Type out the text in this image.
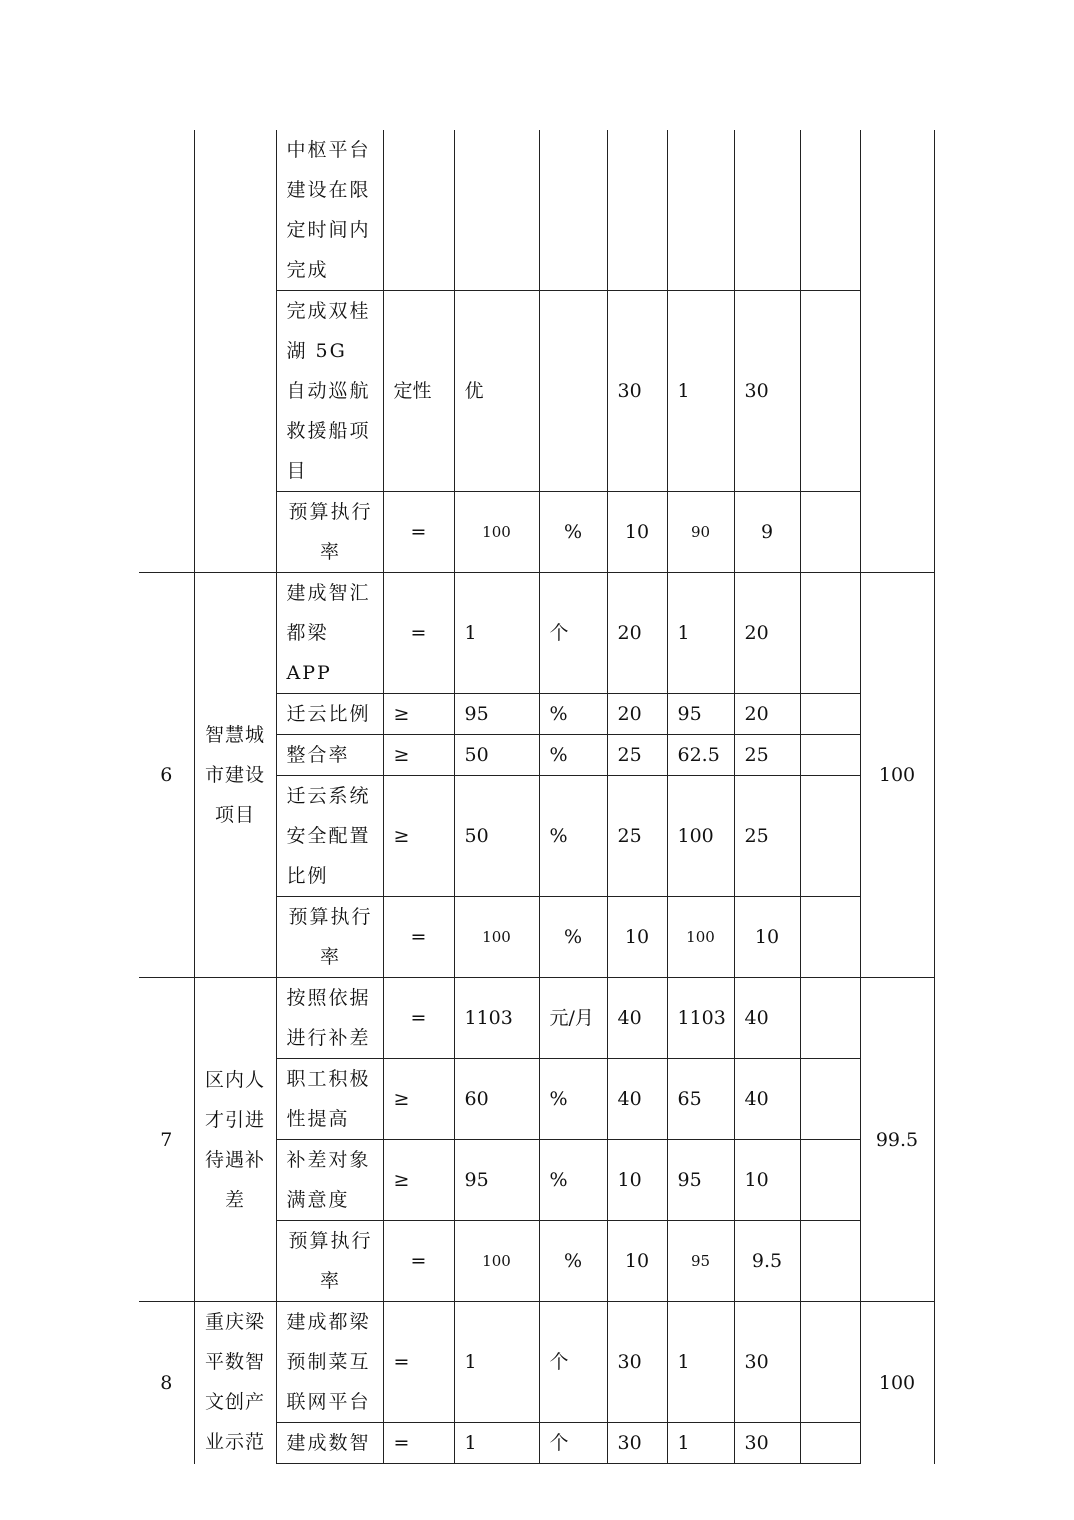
		中枢平台建设在限定时间内完成								
		完成双桂湖 5G 自动巡航救援船项目	定性	优		30	1	30		
		预算执行率	=	100	%	10	90	9		
6	智慧城市建设项目	建成智汇都梁 APP	=	1	个	20	1	20		100
		迁云比例	≥	95	%	20	95	20		
		整合率	≥	50	%	25	62.5	25		
		迁云系统安全配置比例	≥	50	%	25	100	25		
		预算执行率	=	100	%	10	100	10		
7	区内人才引进待遇补差	按照依据进行补差	=	1103	元/月	40	1103	40		99.5
		职工积极性提高	≥	60	%	40	65	40		
		补差对象满意度	≥	95	%	10	95	10		
		预算执行率	=	100	%	10	95	9.5		
8	重庆梁平数智文创产业示范	建成都梁预制菜互联网平台	=	1	个	30	1	30		100
		建成数智	=	1	个	30	1	30		
